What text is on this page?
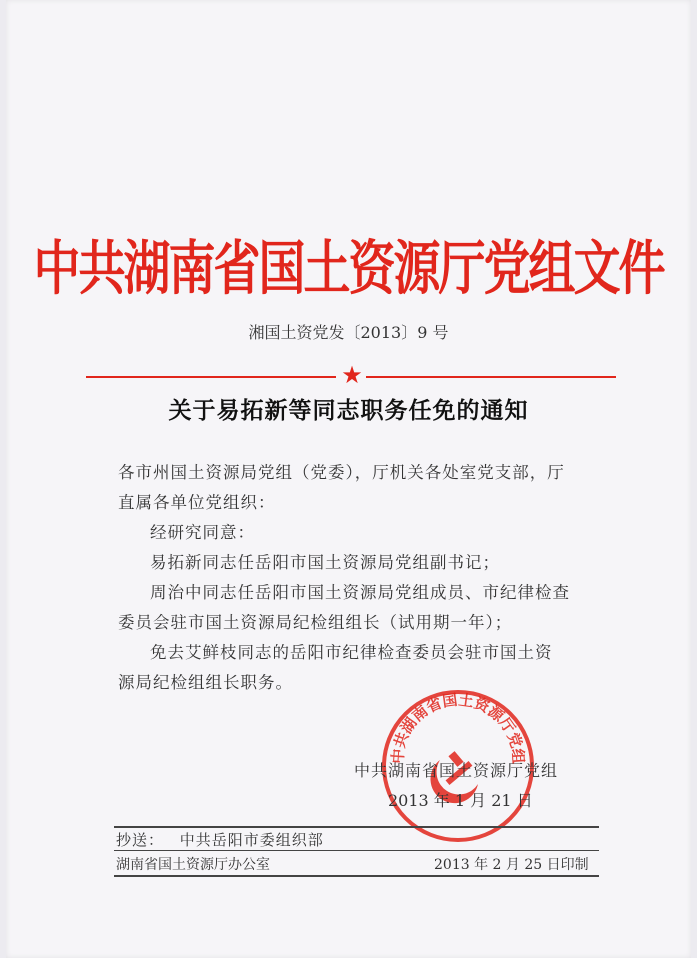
中共湖南省国土资源厅党组文件
湘国土资党发〔2013〕9 号
★
关于易拓新等同志职务任免的通知
各市州国土资源局党组（党委），厅机关各处室党支部，厅
直属各单位党组织：
经研究同意：
易拓新同志任岳阳市国土资源局党组副书记；
周治中同志任岳阳市国土资源局党组成员、市纪律检查
委员会驻市国土资源局纪检组组长（试用期一年）；
免去艾鲜枝同志的岳阳市纪律检查委员会驻市国土资
源局纪检组组长职务。
中共湖南省国土资源厅党组
中共湖南省国土资源厅党组
2013 年 1 月 21 日
抄送： 中共岳阳市委组织部
湖南省国土资源厅办公室	2013 年 2 月 25 日印制
